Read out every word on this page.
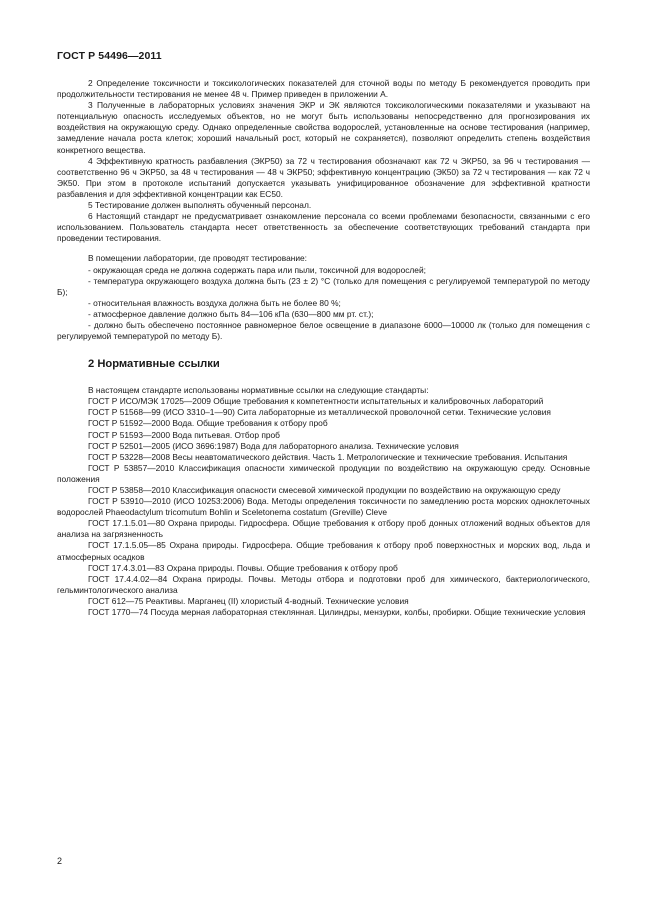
ГОСТ Р 54496—2011

2 Определение токсичности и токсикологических показателей для сточной воды по методу Б рекомендуется проводить при продолжительности тестирования не менее 48 ч. Пример приведен в приложении А.

3 Полученные в лабораторных условиях значения ЭКР и ЭК являются токсикологическими показателями и указывают на потенциальную опасность исследуемых объектов, но не могут быть использованы непосредственно для прогнозирования их воздействия на окружающую среду. Однако определенные свойства водорослей, установленные на основе тестирования (например, замедление начала роста клеток; хороший начальный рост, который не сохраняется), позволяют определить степень воздействия конкретного вещества.

4 Эффективную кратность разбавления (ЭКР50) за 72 ч тестирования обозначают как 72 ч ЭКР50, за 96 ч тестирования — соответственно 96 ч ЭКР50, за 48 ч тестирования — 48 ч ЭКР50; эффективную концентрацию (ЭК50) за 72 ч тестирования — как 72 ч ЭК50. При этом в протоколе испытаний допускается указывать унифицированное обозначение для эффективной кратности разбавления и для эффективной концентрации как ЕС50.

5 Тестирование должен выполнять обученный персонал.

6 Настоящий стандарт не предусматривает ознакомление персонала со всеми проблемами безопасности, связанными с его использованием. Пользователь стандарта несет ответственность за обеспечение соответствующих требований стандарта при проведении тестирования.

В помещении лаборатории, где проводят тестирование:

- окружающая среда не должна содержать пара или пыли, токсичной для водорослей;

- температура окружающего воздуха должна быть (23 ± 2) °С (только для помещения с регулируемой температурой по методу Б);

- относительная влажность воздуха должна быть не более 80 %;

- атмосферное давление должно быть 84—106 кПа (630—800 мм рт. ст.);

- должно быть обеспечено постоянное равномерное белое освещение в диапазоне 6000—10000 лк (только для помещения с регулируемой температурой по методу Б).

2 Нормативные ссылки

В настоящем стандарте использованы нормативные ссылки на следующие стандарты:

ГОСТ Р ИСО/МЭК 17025—2009 Общие требования к компетентности испытательных и калибровочных лабораторий

ГОСТ Р 51568—99 (ИСО 3310–1—90) Сита лабораторные из металлической проволочной сетки. Технические условия

ГОСТ Р 51592—2000 Вода. Общие требования к отбору проб

ГОСТ Р 51593—2000 Вода питьевая. Отбор проб

ГОСТ Р 52501—2005 (ИСО 3696:1987) Вода для лабораторного анализа. Технические условия

ГОСТ Р 53228—2008 Весы неавтоматического действия. Часть 1. Метрологические и технические требования. Испытания

ГОСТ Р 53857—2010 Классификация опасности химической продукции по воздействию на окружающую среду. Основные положения

ГОСТ Р 53858—2010 Классификация опасности смесевой химической продукции по воздействию на окружающую среду

ГОСТ Р 53910—2010 (ИСО 10253:2006) Вода. Методы определения токсичности по замедлению роста морских одноклеточных водорослей Phaeodactylum tricomutum Bohlin и Sceletonema costatum (Greville) Cleve

ГОСТ 17.1.5.01—80 Охрана природы. Гидросфера. Общие требования к отбору проб донных отложений водных объектов для анализа на загрязненность

ГОСТ 17.1.5.05—85 Охрана природы. Гидросфера. Общие требования к отбору проб поверхностных и морских вод, льда и атмосферных осадков

ГОСТ 17.4.3.01—83 Охрана природы. Почвы. Общие требования к отбору проб

ГОСТ 17.4.4.02—84 Охрана природы. Почвы. Методы отбора и подготовки проб для химического, бактериологического, гельминтологического анализа

ГОСТ 612—75 Реактивы. Марганец (II) хлористый 4-водный. Технические условия

ГОСТ 1770—74 Посуда мерная лабораторная стеклянная. Цилиндры, мензурки, колбы, пробирки. Общие технические условия

2
